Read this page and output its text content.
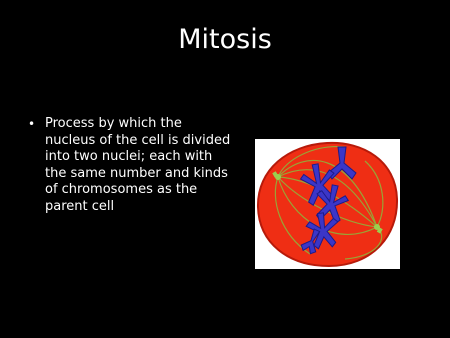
Mitosis
• Process by which the nucleus of the cell is divided into two nuclei; each with the same number and kinds of chromosomes as the parent cell
